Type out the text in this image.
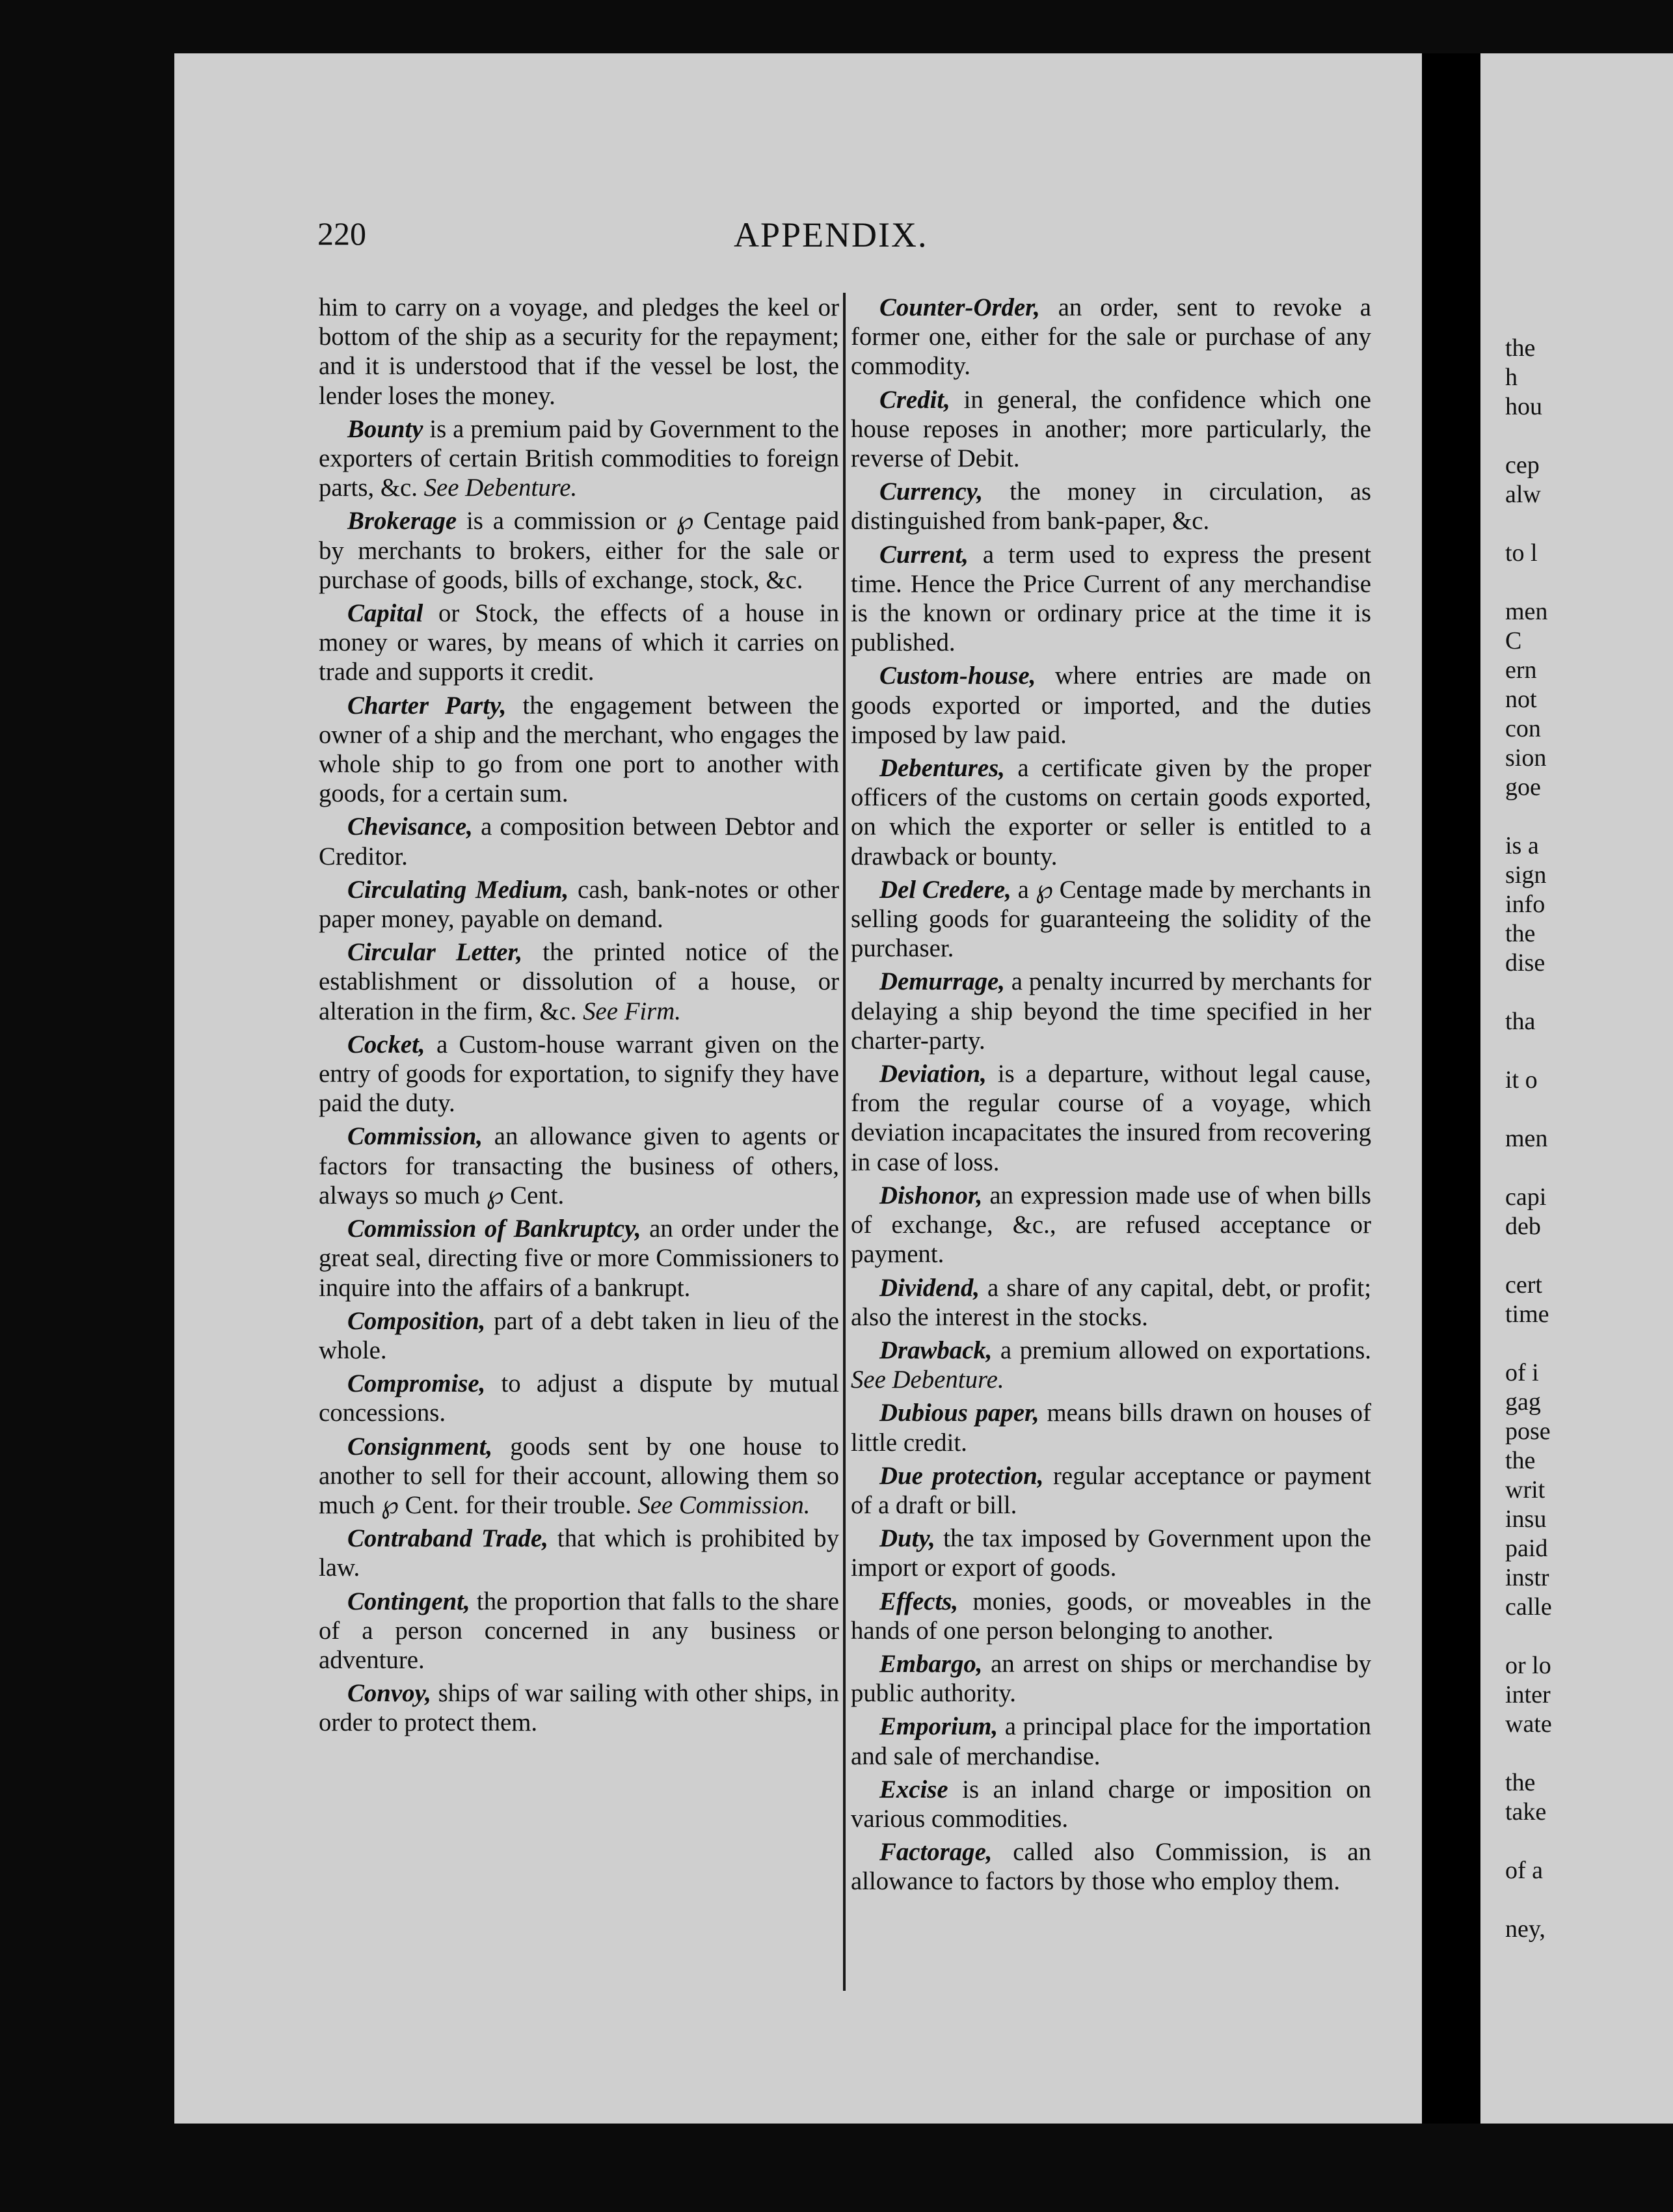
220	APPENDIX.

him to carry on a voyage, and pledges the keel or bottom of the ship as a security for the repayment; and it is understood that if the vessel be lost, the lender loses the money.

Bounty is a premium paid by Government to the exporters of certain British commodities to foreign parts, &c. See Debenture.

Brokerage is a commission or ℘ Centage paid by merchants to brokers, either for the sale or purchase of goods, bills of exchange, stock, &c.

Capital or Stock, the effects of a house in money or wares, by means of which it carries on trade and supports it credit.

Charter Party, the engagement between the owner of a ship and the merchant, who engages the whole ship to go from one port to another with goods, for a certain sum.

Chevisance, a composition between Debtor and Creditor.

Circulating Medium, cash, bank-notes or other paper money, payable on demand.

Circular Letter, the printed notice of the establishment or dissolution of a house, or alteration in the firm, &c. See Firm.

Cocket, a Custom-house warrant given on the entry of goods for exportation, to signify they have paid the duty.

Commission, an allowance given to agents or factors for transacting the business of others, always so much ℘ Cent.

Commission of Bankruptcy, an order under the great seal, directing five or more Commissioners to inquire into the affairs of a bankrupt.

Composition, part of a debt taken in lieu of the whole.

Compromise, to adjust a dispute by mutual concessions.

Consignment, goods sent by one house to another to sell for their account, allowing them so much ℘ Cent. for their trouble. See Commission.

Contraband Trade, that which is prohibited by law.

Contingent, the proportion that falls to the share of a person concerned in any business or adventure.

Convoy, ships of war sailing with other ships, in order to protect them.

Counter-Order, an order, sent to revoke a former one, either for the sale or purchase of any commodity.

Credit, in general, the confidence which one house reposes in another; more particularly, the reverse of Debit.

Currency, the money in circulation, as distinguished from bank-paper, &c.

Current, a term used to express the present time. Hence the Price Current of any merchandise is the known or ordinary price at the time it is published.

Custom-house, where entries are made on goods exported or imported, and the duties imposed by law paid.

Debentures, a certificate given by the proper officers of the customs on certain goods exported, on which the exporter or seller is entitled to a drawback or bounty.

Del Credere, a ℘ Centage made by merchants in selling goods for guaranteeing the solidity of the purchaser.

Demurrage, a penalty incurred by merchants for delaying a ship beyond the time specified in her charter-party.

Deviation, is a departure, without legal cause, from the regular course of a voyage, which deviation incapacitates the insured from recovering in case of loss.

Dishonor, an expression made use of when bills of exchange, &c., are refused acceptance or payment.

Dividend, a share of any capital, debt, or profit; also the interest in the stocks.

Drawback, a premium allowed on exportations. See Debenture.

Dubious paper, means bills drawn on houses of little credit.

Due protection, regular acceptance or payment of a draft or bill.

Duty, the tax imposed by Government upon the import or export of goods.

Effects, monies, goods, or moveables in the hands of one person belonging to another.

Embargo, an arrest on ships or merchandise by public authority.

Emporium, a principal place for the importation and sale of merchandise.

Excise is an inland charge or imposition on various commodities.

Factorage, called also Commission, is an allowance to factors by those who employ them.

the
h
hou
cep
alw
to l
men
C
ern
not
con
sion
goe
is a
sign
info
the
dise
tha
it o
men
capi
deb
cert
time
of i
gag
pose
the
writ
insu
paid
instr
calle
or lo
inter
wate
the
take
of a
ney,
